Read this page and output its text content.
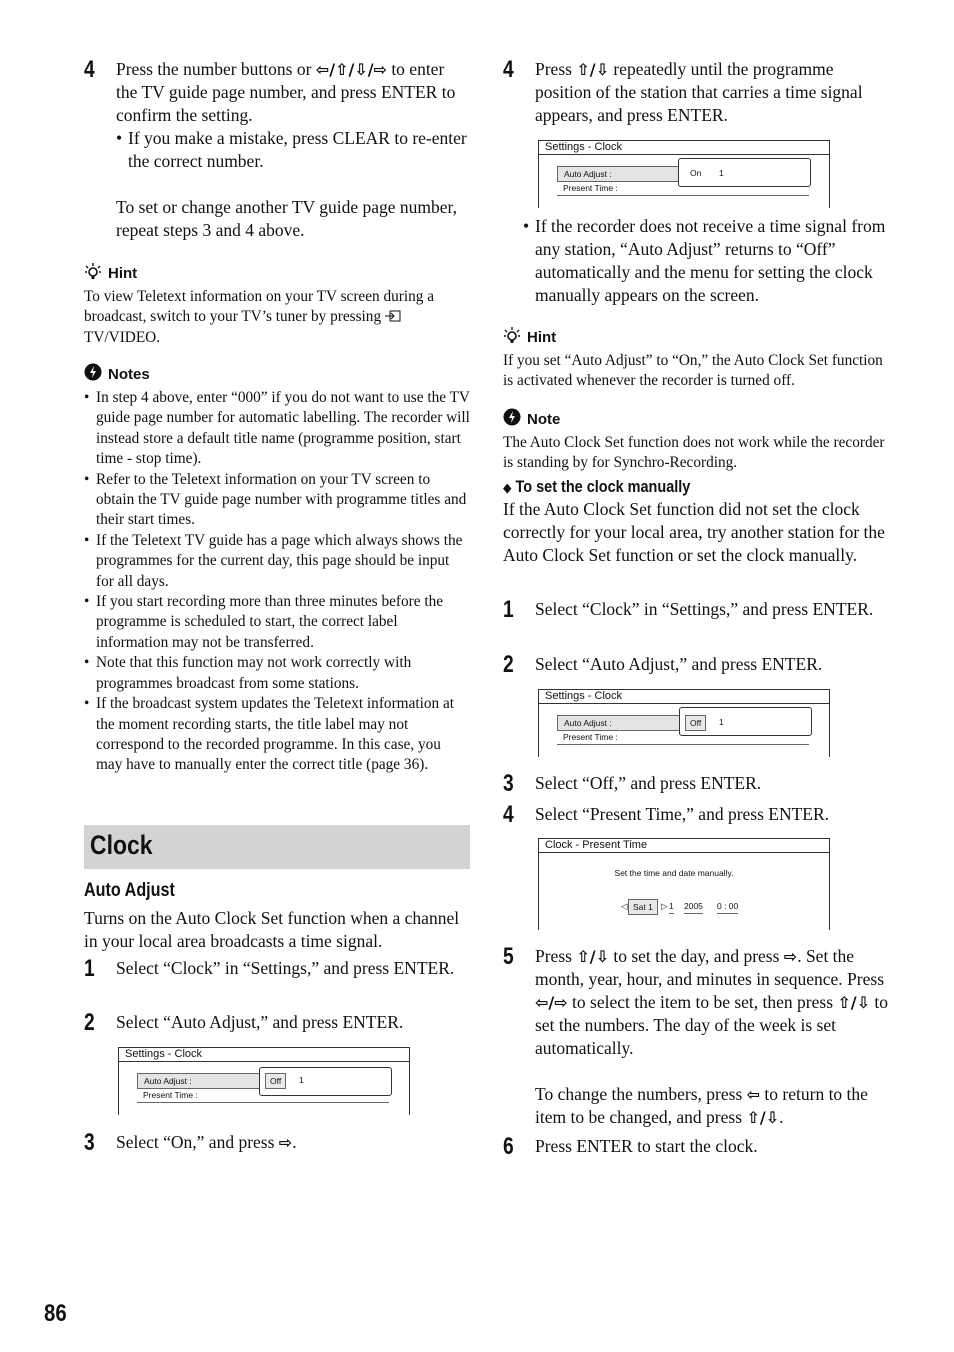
4 Press the number buttons or ⇦/⇧/⇩/⇨ to enter the TV guide page number, and press ENTER to confirm the setting.
• If you make a mistake, press CLEAR to re-enter the correct number.
To set or change another TV guide page number, repeat steps 3 and 4 above.
Hint
To view Teletext information on your TV screen during a broadcast, switch to your TV’s tuner by pressing  TV/VIDEO.
Notes
• In step 4 above, enter “000” if you do not want to use the TV guide page number for automatic labelling. The recorder will instead store a default title name (programme position, start time - stop time).
• Refer to the Teletext information on your TV screen to obtain the TV guide page number with programme titles and their start times.
• If the Teletext TV guide has a page which always shows the programmes for the current day, this page should be input for all days.
• If you start recording more than three minutes before the programme is scheduled to start, the correct label information may not be transferred.
• Note that this function may not work correctly with programmes broadcast from some stations.
• If the broadcast system updates the Teletext information at the moment recording starts, the title label may not correspond to the recorded programme. In this case, you may have to manually enter the correct title (page 36).
Auto Adjust
Turns on the Auto Clock Set function when a channel in your local area broadcasts a time signal.
1 Select “Clock” in “Settings,” and press ENTER.
2 Select “Auto Adjust,” and press ENTER.
3 Select “On,” and press ⇨.
Clock
Settings - Clock
Auto Adjust :
Present Time :
Off	1
4 Press ⇧/⇩ repeatedly until the programme position of the station that carries a time signal appears, and press ENTER.
• If the recorder does not receive a time signal from any station, “Auto Adjust” returns to “Off” automatically and the menu for setting the clock manually appears on the screen.
Hint
If you set “Auto Adjust” to “On,” the Auto Clock Set function is activated whenever the recorder is turned off.
Note
The Auto Clock Set function does not work while the recorder is standing by for Synchro-Recording.
◆ To set the clock manually
If the Auto Clock Set function did not set the clock correctly for your local area, try another station for the Auto Clock Set function or set the clock manually.
1 Select “Clock” in “Settings,” and press ENTER.
2 Select “Auto Adjust,” and press ENTER.
3 Select “Off,” and press ENTER.
4 Select “Present Time,” and press ENTER.
5 Press ⇧/⇩ to set the day, and press ⇨. Set the month, year, hour, and minutes in sequence. Press ⇦/⇨ to select the item to be set, then press ⇧/⇩ to set the numbers. The day of the week is set automatically.
To change the numbers, press ⇦ to return to the item to be changed, and press ⇧/⇩.
6 Press ENTER to start the clock.
Settings - Clock
Auto Adjust :
Present Time :
On 1
Settings - Clock
Auto Adjust :
Present Time :
Off	1
Clock - Present Time
Set the time and date manually.
◁ Sat 1 ▷ 1 2005 0 : 00
86
